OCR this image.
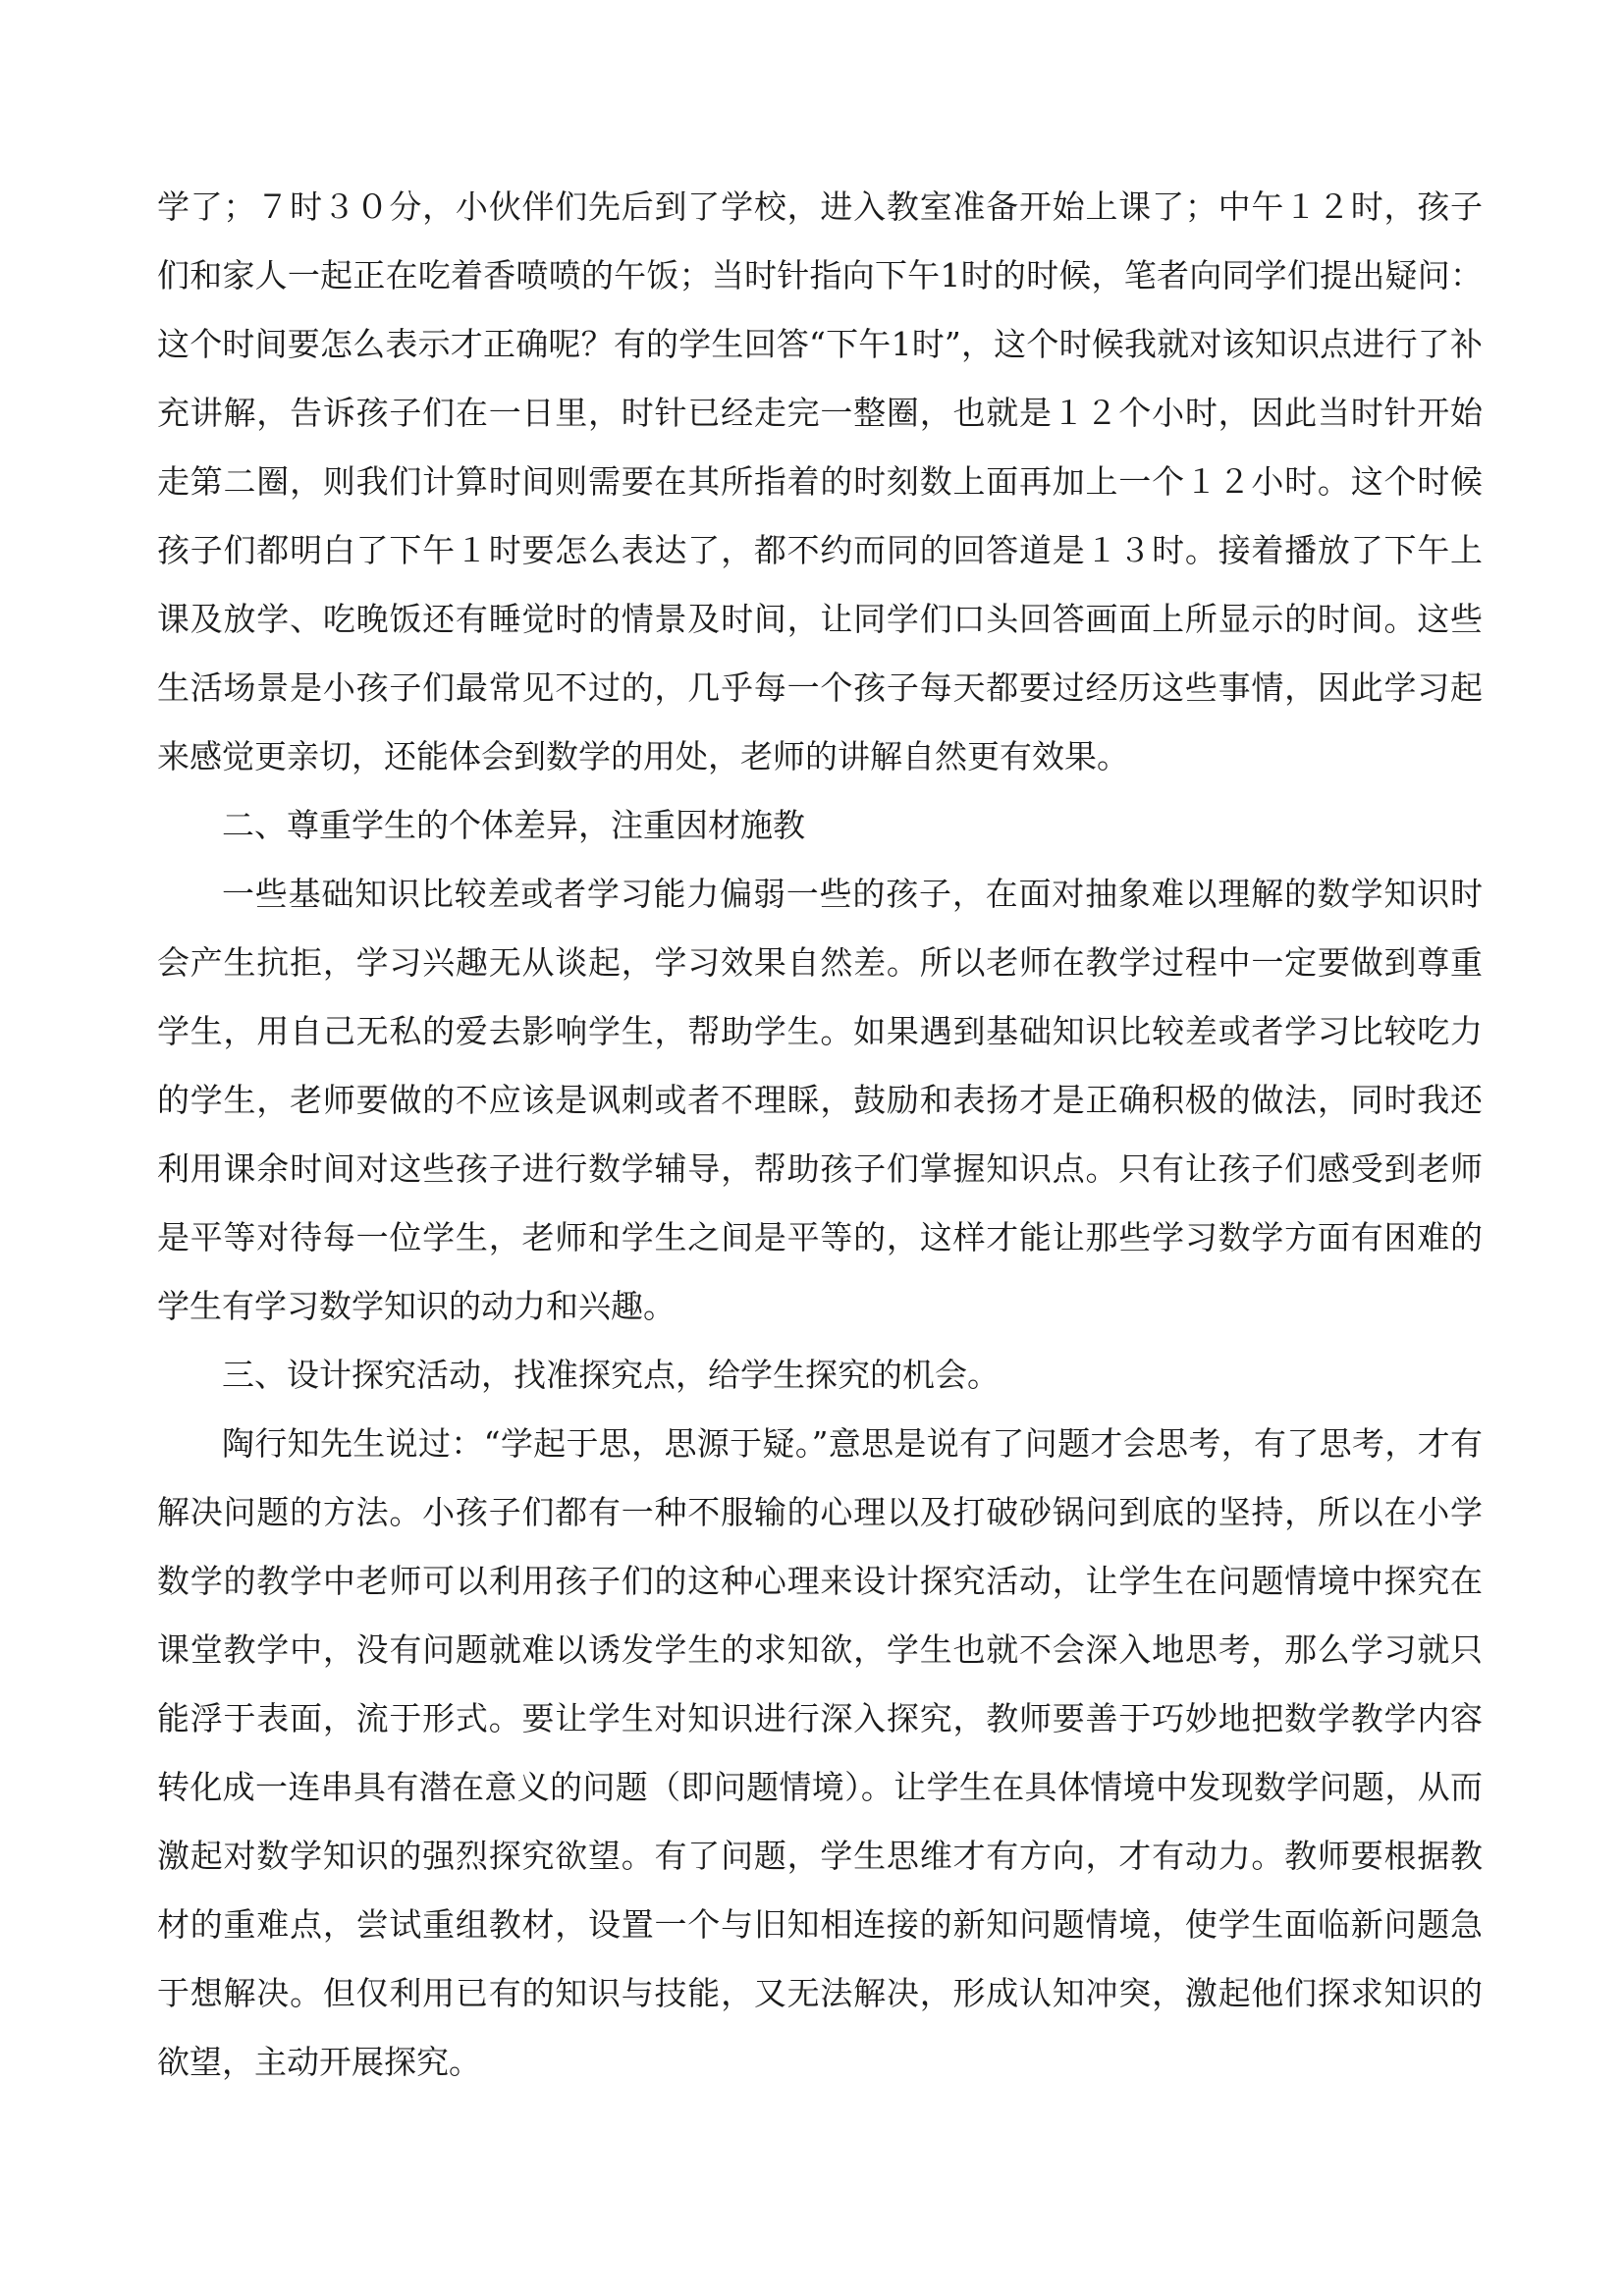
学了；７时３０分，小伙伴们先后到了学校，进入教室准备开始上课了；中午１２时，孩子们和家人一起正在吃着香喷喷的午饭；当时针指向下午1时的时候，笔者向同学们提出疑问：这个时间要怎么表示才正确呢？有的学生回答“下午1时”，这个时候我就对该知识点进行了补充讲解，告诉孩子们在一日里，时针已经走完一整圈，也就是１２个小时，因此当时针开始走第二圈，则我们计算时间则需要在其所指着的时刻数上面再加上一个１２小时。这个时候孩子们都明白了下午１时要怎么表达了，都不约而同的回答道是１３时。接着播放了下午上课及放学、吃晚饭还有睡觉时的情景及时间，让同学们口头回答画面上所显示的时间。这些生活场景是小孩子们最常见不过的，几乎每一个孩子每天都要过经历这些事情，因此学习起来感觉更亲切，还能体会到数学的用处，老师的讲解自然更有效果。

二、尊重学生的个体差异，注重因材施教

一些基础知识比较差或者学习能力偏弱一些的孩子，在面对抽象难以理解的数学知识时会产生抗拒，学习兴趣无从谈起，学习效果自然差。所以老师在教学过程中一定要做到尊重学生，用自己无私的爱去影响学生，帮助学生。如果遇到基础知识比较差或者学习比较吃力的学生，老师要做的不应该是讽刺或者不理睬，鼓励和表扬才是正确积极的做法，同时我还利用课余时间对这些孩子进行数学辅导，帮助孩子们掌握知识点。只有让孩子们感受到老师是平等对待每一位学生，老师和学生之间是平等的，这样才能让那些学习数学方面有困难的学生有学习数学知识的动力和兴趣。

三、设计探究活动，找准探究点，给学生探究的机会。

陶行知先生说过：“学起于思，思源于疑。”意思是说有了问题才会思考，有了思考，才有解决问题的方法。小孩子们都有一种不服输的心理以及打破砂锅问到底的坚持，所以在小学数学的教学中老师可以利用孩子们的这种心理来设计探究活动，让学生在问题情境中探究在课堂教学中，没有问题就难以诱发学生的求知欲，学生也就不会深入地思考，那么学习就只能浮于表面，流于形式。要让学生对知识进行深入探究，教师要善于巧妙地把数学教学内容转化成一连串具有潜在意义的问题（即问题情境）。让学生在具体情境中发现数学问题，从而激起对数学知识的强烈探究欲望。有了问题，学生思维才有方向，才有动力。教师要根据教材的重难点，尝试重组教材，设置一个与旧知相连接的新知问题情境，使学生面临新问题急于想解决。但仅利用已有的知识与技能，又无法解决，形成认知冲突，激起他们探求知识的欲望，主动开展探究。
